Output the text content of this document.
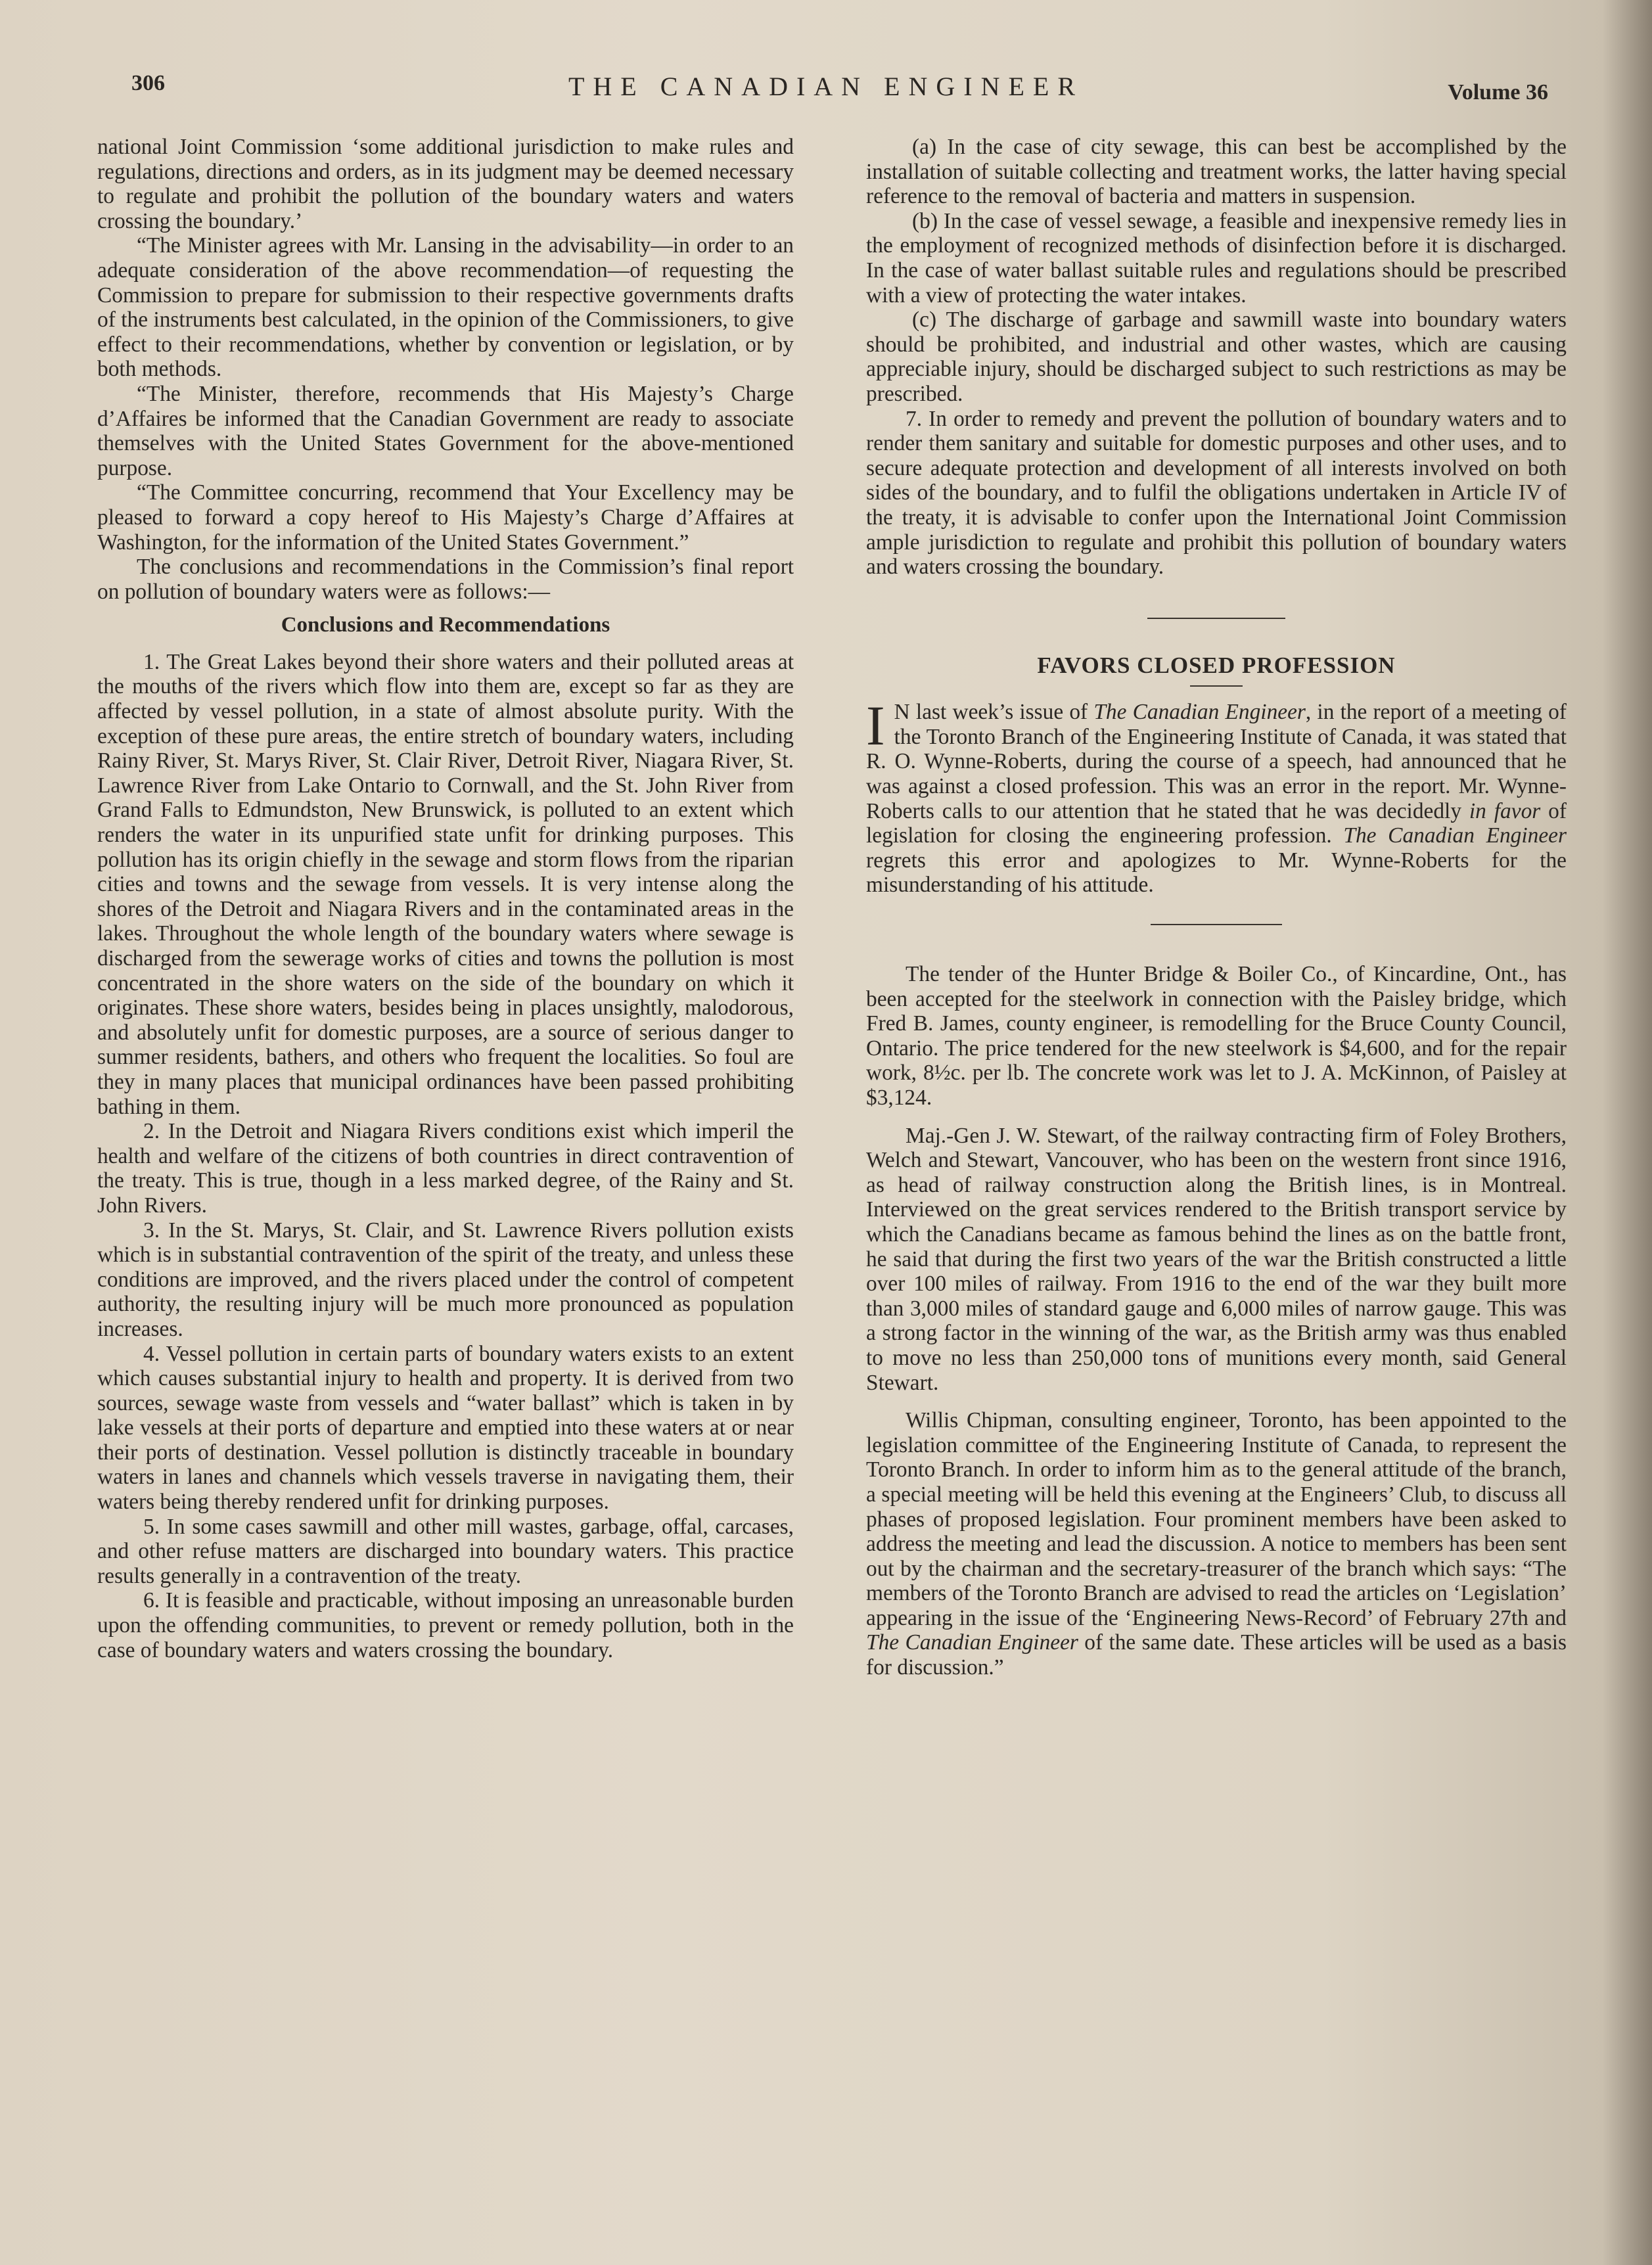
306	THE CANADIAN ENGINEER	Volume 36

national Joint Commission ‘some additional jurisdiction to make rules and regulations, directions and orders, as in its judgment may be deemed necessary to regulate and prohibit the pollution of the boundary waters and waters crossing the boundary.’

“The Minister agrees with Mr. Lansing in the advisability—in order to an adequate consideration of the above recommendation—of requesting the Commission to prepare for submission to their respective governments drafts of the instruments best calculated, in the opinion of the Commissioners, to give effect to their recommendations, whether by convention or legislation, or by both methods.

“The Minister, therefore, recommends that His Majesty’s Charge d’Affaires be informed that the Canadian Government are ready to associate themselves with the United States Government for the above-mentioned purpose.

“The Committee concurring, recommend that Your Excellency may be pleased to forward a copy hereof to His Majesty’s Charge d’Affaires at Washington, for the information of the United States Government.”

The conclusions and recommendations in the Commission’s final report on pollution of boundary waters were as follows:—

Conclusions and Recommendations

1. The Great Lakes beyond their shore waters and their polluted areas at the mouths of the rivers which flow into them are, except so far as they are affected by vessel pollution, in a state of almost absolute purity. With the exception of these pure areas, the entire stretch of boundary waters, including Rainy River, St. Marys River, St. Clair River, Detroit River, Niagara River, St. Lawrence River from Lake Ontario to Cornwall, and the St. John River from Grand Falls to Edmundston, New Brunswick, is polluted to an extent which renders the water in its unpurified state unfit for drinking purposes. This pollution has its origin chiefly in the sewage and storm flows from the riparian cities and towns and the sewage from vessels. It is very intense along the shores of the Detroit and Niagara Rivers and in the contaminated areas in the lakes. Throughout the whole length of the boundary waters where sewage is discharged from the sewerage works of cities and towns the pollution is most concentrated in the shore waters on the side of the boundary on which it originates. These shore waters, besides being in places unsightly, malodorous, and absolutely unfit for domestic purposes, are a source of serious danger to summer residents, bathers, and others who frequent the localities. So foul are they in many places that municipal ordinances have been passed prohibiting bathing in them.

2. In the Detroit and Niagara Rivers conditions exist which imperil the health and welfare of the citizens of both countries in direct contravention of the treaty. This is true, though in a less marked degree, of the Rainy and St. John Rivers.

3. In the St. Marys, St. Clair, and St. Lawrence Rivers pollution exists which is in substantial contravention of the spirit of the treaty, and unless these conditions are improved, and the rivers placed under the control of competent authority, the resulting injury will be much more pronounced as population increases.

4. Vessel pollution in certain parts of boundary waters exists to an extent which causes substantial injury to health and property. It is derived from two sources, sewage waste from vessels and “water ballast” which is taken in by lake vessels at their ports of departure and emptied into these waters at or near their ports of destination. Vessel pollution is distinctly traceable in boundary waters in lanes and channels which vessels traverse in navigating them, their waters being thereby rendered unfit for drinking purposes.

5. In some cases sawmill and other mill wastes, garbage, offal, carcases, and other refuse matters are discharged into boundary waters. This practice results generally in a contravention of the treaty.

6. It is feasible and practicable, without imposing an unreasonable burden upon the offending communities, to prevent or remedy pollution, both in the case of boundary waters and waters crossing the boundary.

(a) In the case of city sewage, this can best be accomplished by the installation of suitable collecting and treatment works, the latter having special reference to the removal of bacteria and matters in suspension.

(b) In the case of vessel sewage, a feasible and inexpensive remedy lies in the employment of recognized methods of disinfection before it is discharged. In the case of water ballast suitable rules and regulations should be prescribed with a view of protecting the water intakes.

(c) The discharge of garbage and sawmill waste into boundary waters should be prohibited, and industrial and other wastes, which are causing appreciable injury, should be discharged subject to such restrictions as may be prescribed.

7. In order to remedy and prevent the pollution of boundary waters and to render them sanitary and suitable for domestic purposes and other uses, and to secure adequate protection and development of all interests involved on both sides of the boundary, and to fulfil the obligations undertaken in Article IV of the treaty, it is advisable to confer upon the International Joint Commission ample jurisdiction to regulate and prohibit this pollution of boundary waters and waters crossing the boundary.

FAVORS CLOSED PROFESSION

I N last week’s issue of The Canadian Engineer, in the report of a meeting of the Toronto Branch of the Engineering Institute of Canada, it was stated that R. O. Wynne-Roberts, during the course of a speech, had announced that he was against a closed profession. This was an error in the report. Mr. Wynne-Roberts calls to our attention that he stated that he was decidedly in favor of legislation for closing the engineering profession. The Canadian Engineer regrets this error and apologizes to Mr. Wynne-Roberts for the misunderstanding of his attitude.

The tender of the Hunter Bridge & Boiler Co., of Kincardine, Ont., has been accepted for the steelwork in connection with the Paisley bridge, which Fred B. James, county engineer, is remodelling for the Bruce County Council, Ontario. The price tendered for the new steelwork is $4,600, and for the repair work, 8½c. per lb. The concrete work was let to J. A. McKinnon, of Paisley at $3,124.

Maj.-Gen J. W. Stewart, of the railway contracting firm of Foley Brothers, Welch and Stewart, Vancouver, who has been on the western front since 1916, as head of railway construction along the British lines, is in Montreal. Interviewed on the great services rendered to the British transport service by which the Canadians became as famous behind the lines as on the battle front, he said that during the first two years of the war the British constructed a little over 100 miles of railway. From 1916 to the end of the war they built more than 3,000 miles of standard gauge and 6,000 miles of narrow gauge. This was a strong factor in the winning of the war, as the British army was thus enabled to move no less than 250,000 tons of munitions every month, said General Stewart.

Willis Chipman, consulting engineer, Toronto, has been appointed to the legislation committee of the Engineering Institute of Canada, to represent the Toronto Branch. In order to inform him as to the general attitude of the branch, a special meeting will be held this evening at the Engineers’ Club, to discuss all phases of proposed legislation. Four prominent members have been asked to address the meeting and lead the discussion. A notice to members has been sent out by the chairman and the secretary-treasurer of the branch which says: “The members of the Toronto Branch are advised to read the articles on ‘Legislation’ appearing in the issue of the ‘Engineering News-Record’ of February 27th and The Canadian Engineer of the same date. These articles will be used as a basis for discussion.”
